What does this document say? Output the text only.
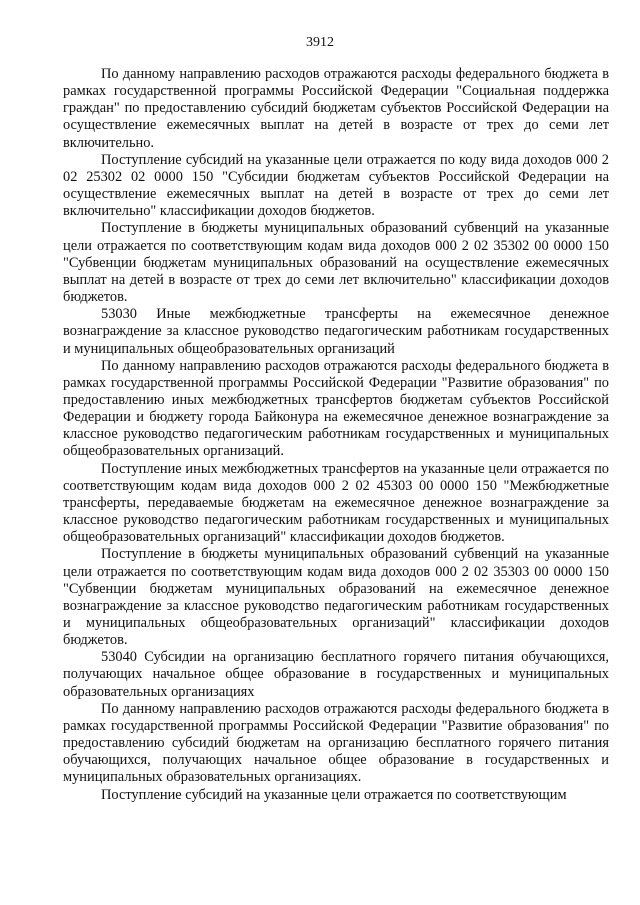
3912

По данному направлению расходов отражаются расходы федерального бюджета в рамках государственной программы Российской Федерации "Социальная поддержка граждан" по предоставлению субсидий бюджетам субъектов Российской Федерации на осуществление ежемесячных выплат на детей в возрасте от трех до семи лет включительно.

Поступление субсидий на указанные цели отражается по коду вида доходов 000 2 02 25302 02 0000 150 "Субсидии бюджетам субъектов Российской Федерации на осуществление ежемесячных выплат на детей в возрасте от трех до семи лет включительно" классификации доходов бюджетов.

Поступление в бюджеты муниципальных образований субвенций на указанные цели отражается по соответствующим кодам вида доходов 000 2 02 35302 00 0000 150 "Субвенции бюджетам муниципальных образований на осуществление ежемесячных выплат на детей в возрасте от трех до семи лет включительно" классификации доходов бюджетов.

53030 Иные межбюджетные трансферты на ежемесячное денежное вознаграждение за классное руководство педагогическим работникам государственных и муниципальных общеобразовательных организаций

По данному направлению расходов отражаются расходы федерального бюджета в рамках государственной программы Российской Федерации "Развитие образования" по предоставлению иных межбюджетных трансфертов бюджетам субъектов Российской Федерации и бюджету города Байконура на ежемесячное денежное вознаграждение за классное руководство педагогическим работникам государственных и муниципальных общеобразовательных организаций.

Поступление иных межбюджетных трансфертов на указанные цели отражается по соответствующим кодам вида доходов 000 2 02 45303 00 0000 150 "Межбюджетные трансферты, передаваемые бюджетам на ежемесячное денежное вознаграждение за классное руководство педагогическим работникам государственных и муниципальных общеобразовательных организаций" классификации доходов бюджетов.

Поступление в бюджеты муниципальных образований субвенций на указанные цели отражается по соответствующим кодам вида доходов 000 2 02 35303 00 0000 150 "Субвенции бюджетам муниципальных образований на ежемесячное денежное вознаграждение за классное руководство педагогическим работникам государственных и муниципальных общеобразовательных организаций" классификации доходов бюджетов.

53040 Субсидии на организацию бесплатного горячего питания обучающихся, получающих начальное общее образование в государственных и муниципальных образовательных организациях

По данному направлению расходов отражаются расходы федерального бюджета в рамках государственной программы Российской Федерации "Развитие образования" по предоставлению субсидий бюджетам на организацию бесплатного горячего питания обучающихся, получающих начальное общее образование в государственных и муниципальных образовательных организациях.

Поступление субсидий на указанные цели отражается по соответствующим
